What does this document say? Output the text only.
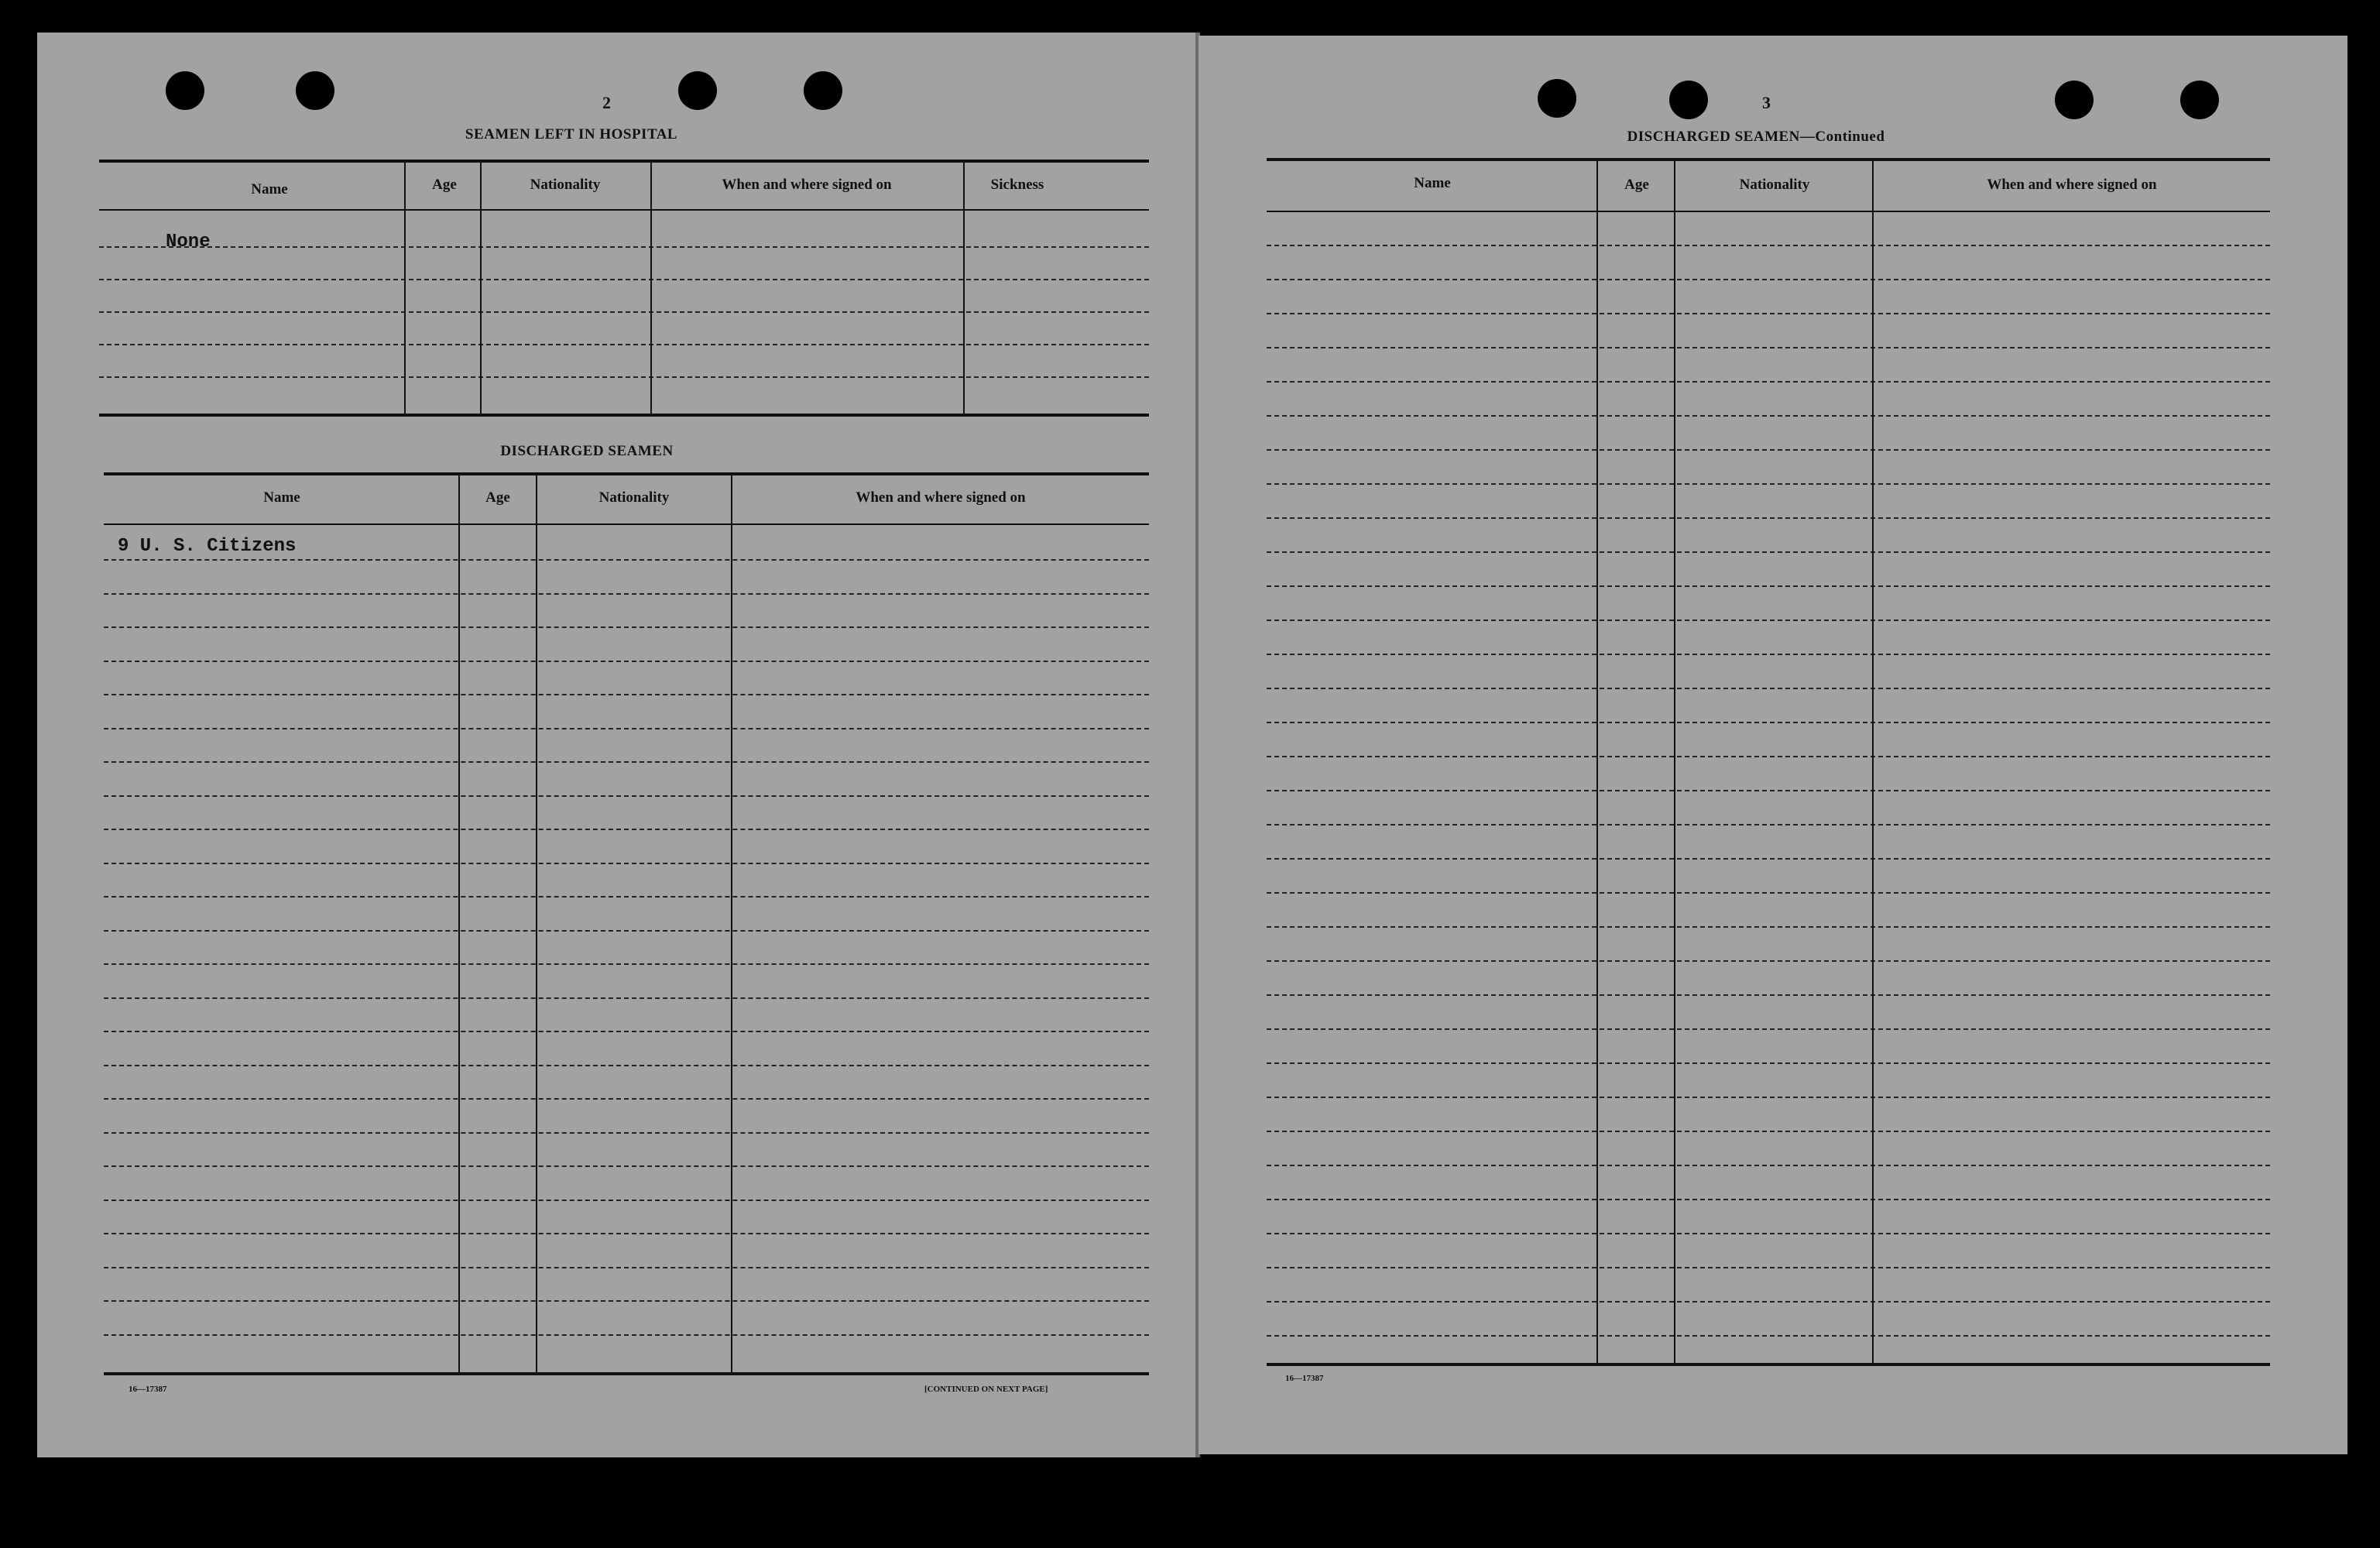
2
SEAMEN LEFT IN HOSPITAL
Name	Age	Nationality	When and where signed on	Sickness
None
DISCHARGED SEAMEN
Name	Age	Nationality	When and where signed on
9 U. S. Citizens
16—17387	[CONTINUED ON NEXT PAGE]
3
DISCHARGED SEAMEN—Continued
Name	Age	Nationality	When and where signed on
16—17387
